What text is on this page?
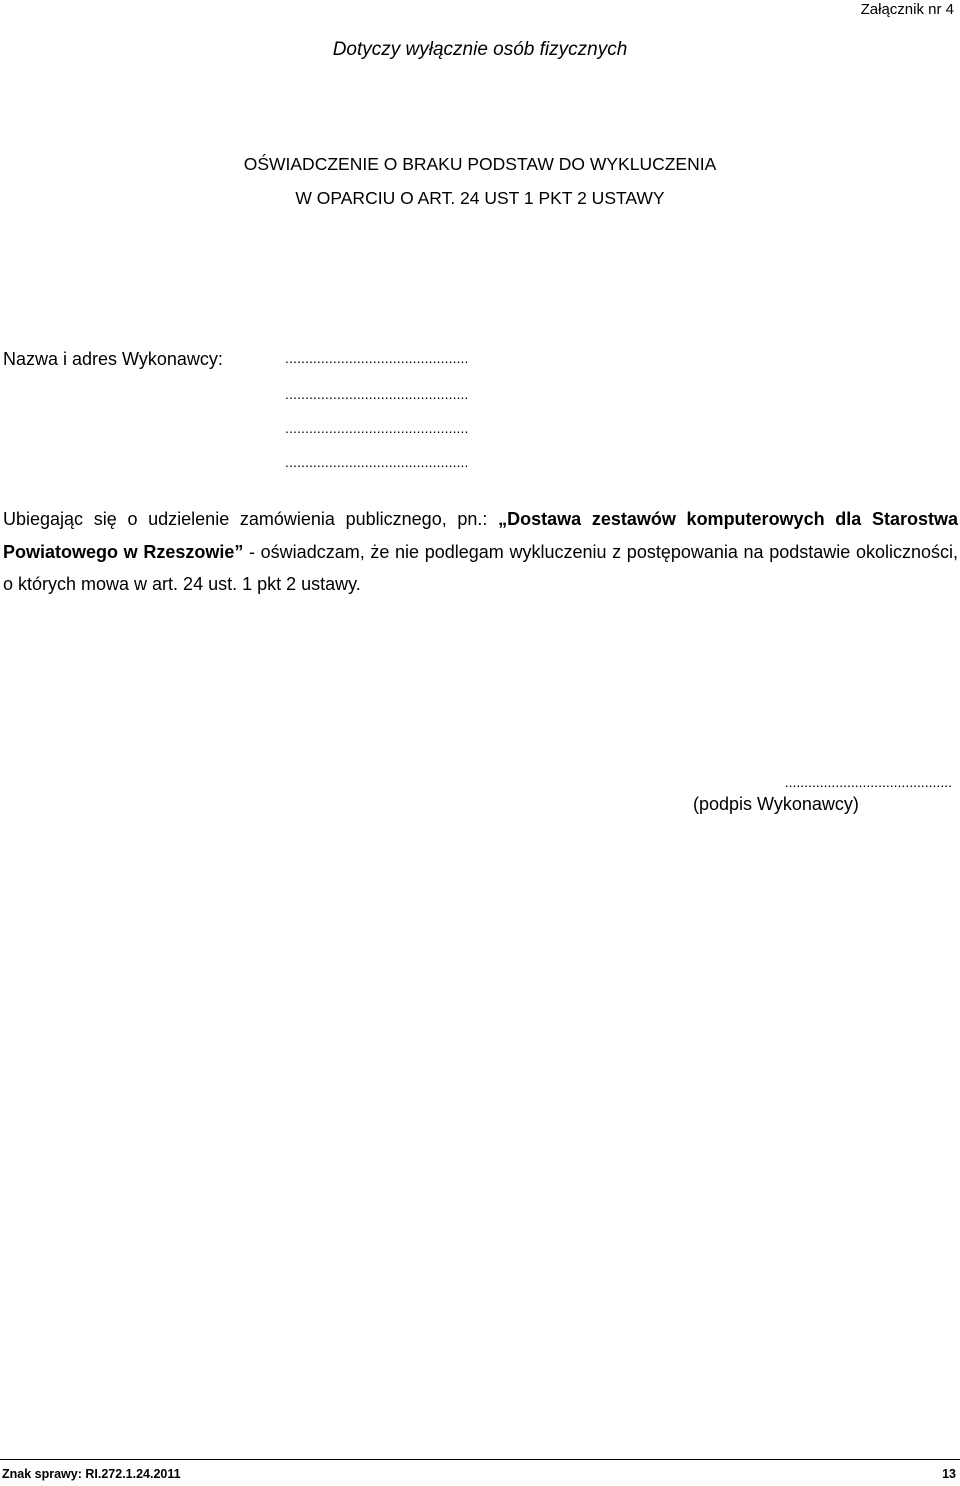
Załącznik nr 4
Dotyczy wyłącznie osób fizycznych
OŚWIADCZENIE O BRAKU PODSTAW DO WYKLUCZENIA
W OPARCIU O ART. 24 UST 1 PKT 2 USTAWY
Nazwa i adres Wykonawcy:	..............................................
..............................................
..............................................
..............................................
Ubiegając się o udzielenie zamówienia publicznego, pn.: „Dostawa zestawów komputerowych dla Starostwa Powiatowego w Rzeszowie” - oświadczam, że nie podlegam wykluczeniu z postępowania na podstawie okoliczności, o których mowa w art. 24 ust. 1 pkt 2 ustawy.
...........................................
(podpis Wykonawcy)
Znak sprawy: RI.272.1.24.2011	13
